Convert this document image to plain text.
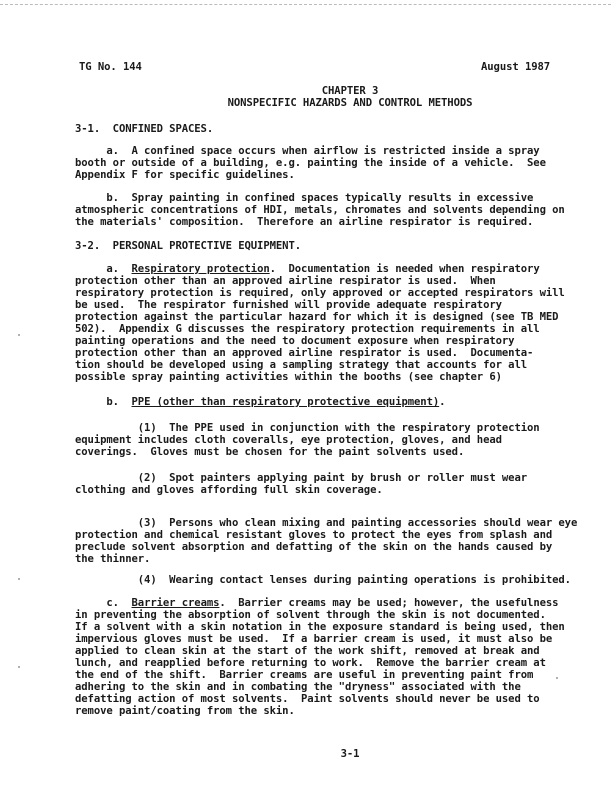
TG No. 144	August 1987
CHAPTER 3
NONSPECIFIC HAZARDS AND CONTROL METHODS
3-1.  CONFINED SPACES.
a.  A confined space occurs when airflow is restricted inside a spray
booth or outside of a building, e.g. painting the inside of a vehicle.  See
Appendix F for specific guidelines.
b.  Spray painting in confined spaces typically results in excessive
atmospheric concentrations of HDI, metals, chromates and solvents depending on
the materials' composition.  Therefore an airline respirator is required.
3-2.  PERSONAL PROTECTIVE EQUIPMENT.
a.  Respiratory protection.  Documentation is needed when respiratory
protection other than an approved airline respirator is used.  When
respiratory protection is required, only approved or accepted respirators will
be used.  The respirator furnished will provide adequate respiratory
protection against the particular hazard for which it is designed (see TB MED
502).  Appendix G discusses the respiratory protection requirements in all
painting operations and the need to document exposure when respiratory
protection other than an approved airline respirator is used.  Documenta-
tion should be developed using a sampling strategy that accounts for all
possible spray painting activities within the booths (see chapter 6)
b.  PPE (other than respiratory protective equipment).
(1)  The PPE used in conjunction with the respiratory protection
equipment includes cloth coveralls, eye protection, gloves, and head
coverings.  Gloves must be chosen for the paint solvents used.
(2)  Spot painters applying paint by brush or roller must wear
clothing and gloves affording full skin coverage.
(3)  Persons who clean mixing and painting accessories should wear eye
protection and chemical resistant gloves to protect the eyes from splash and
preclude solvent absorption and defatting of the skin on the hands caused by
the thinner.
(4)  Wearing contact lenses during painting operations is prohibited.
c.  Barrier creams.  Barrier creams may be used; however, the usefulness
in preventing the absorption of solvent through the skin is not documented.
If a solvent with a skin notation in the exposure standard is being used, then
impervious gloves must be used.  If a barrier cream is used, it must also be
applied to clean skin at the start of the work shift, removed at break and
lunch, and reapplied before returning to work.  Remove the barrier cream at
the end of the shift.  Barrier creams are useful in preventing paint from
adhering to the skin and in combating the "dryness" associated with the
defatting action of most solvents.  Paint solvents should never be used to
remove paint/coating from the skin.
3-1
